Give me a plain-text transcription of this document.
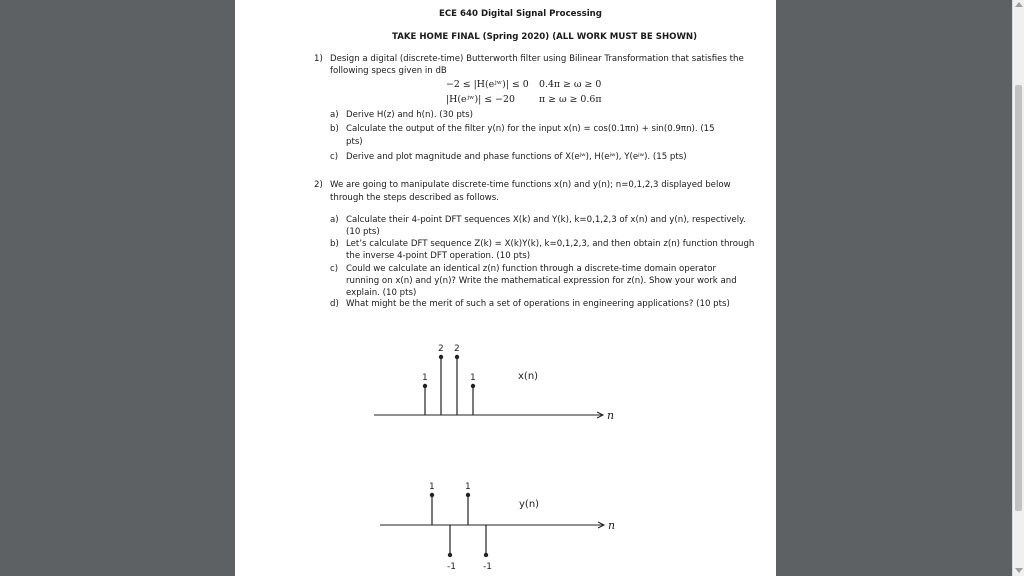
ECE 640 Digital Signal Processing
TAKE HOME FINAL (Spring 2020) (ALL WORK MUST BE SHOWN)
1) Design a digital (discrete-time) Butterworth filter using Bilinear Transformation that satisfies the
following specs given in dB
−2 ≤ |H(eʲʷ)| ≤ 0 0.4π ≥ ω ≥ 0
|H(eʲʷ)| ≤ −20	π ≥ ω ≥ 0.6π
a) Derive H(z) and h(n). (30 pts)
b) Calculate the output of the filter y(n) for the input x(n) = cos(0.1πn) + sin(0.9πn). (15
pts)
c) Derive and plot magnitude and phase functions of X(eʲʷ), H(eʲʷ), Y(eʲʷ). (15 pts)
2) We are going to manipulate discrete-time functions x(n) and y(n); n=0,1,2,3 displayed below
through the steps described as follows.
a) Calculate their 4-point DFT sequences X(k) and Y(k), k=0,1,2,3 of x(n) and y(n), respectively.
(10 pts)
b) Let’s calculate DFT sequence Z(k) = X(k)Y(k), k=0,1,2,3, and then obtain z(n) function through
the inverse 4-point DFT operation. (10 pts)
c) Could we calculate an identical z(n) function through a discrete-time domain operator
running on x(n) and y(n)? Write the mathematical expression for z(n). Show your work and
explain. (10 pts)
d) What might be the merit of such a set of operations in engineering applications? (10 pts)
n
x(n)
1
2 2
1
n
y(n)
1
-1
1
-1
